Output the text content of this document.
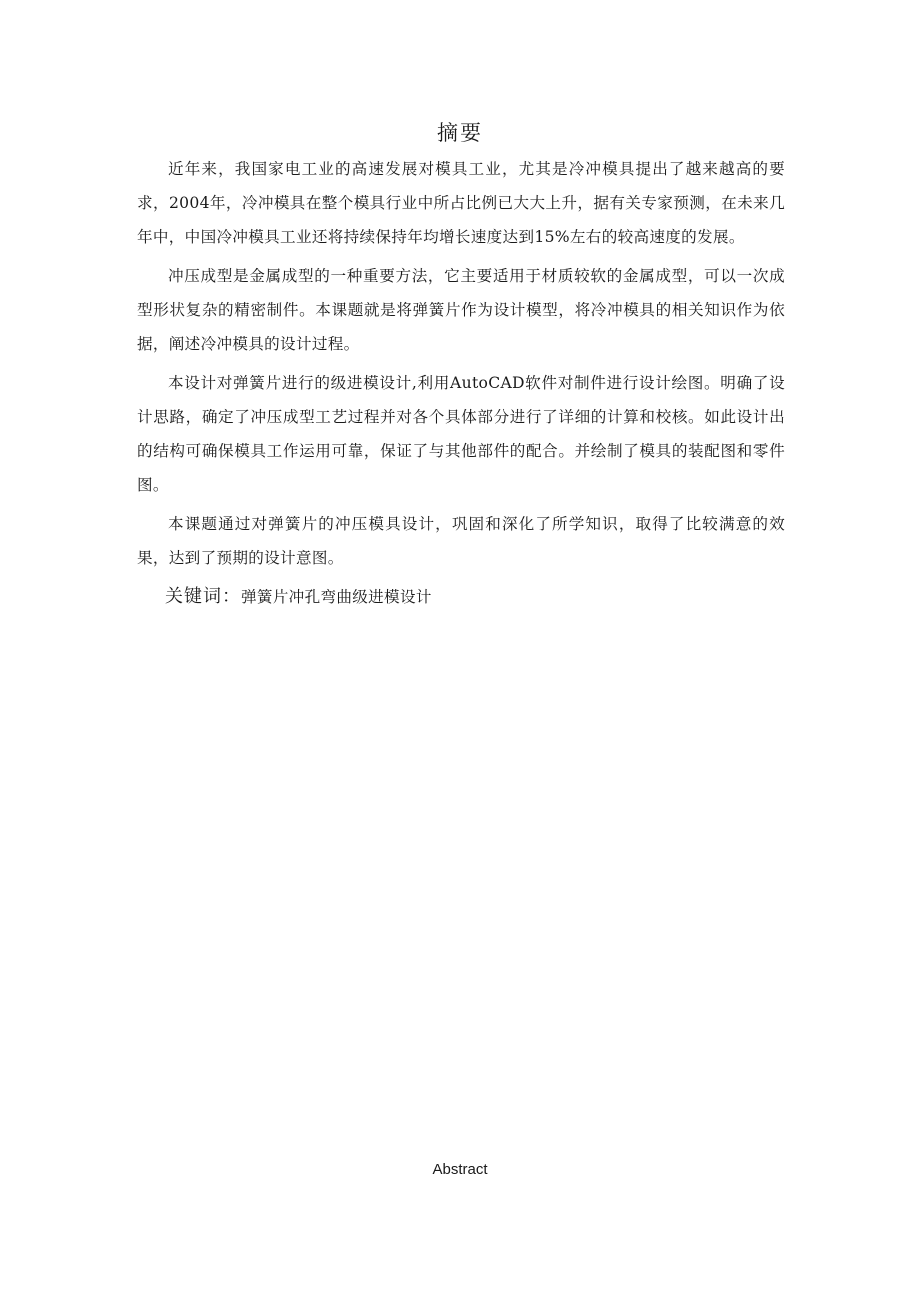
摘要

近年来，我国家电工业的高速发展对模具工业，尤其是冷冲模具提出了越来越高的要求，2004年，冷冲模具在整个模具行业中所占比例已大大上升，据有关专家预测，在未来几年中，中国冷冲模具工业还将持续保持年均增长速度达到15%左右的较高速度的发展。

冲压成型是金属成型的一种重要方法，它主要适用于材质较软的金属成型，可以一次成型形状复杂的精密制件。本课题就是将弹簧片作为设计模型，将冷冲模具的相关知识作为依据，阐述冷冲模具的设计过程。

本设计对弹簧片进行的级进模设计,利用AutoCAD软件对制件进行设计绘图。明确了设计思路，确定了冲压成型工艺过程并对各个具体部分进行了详细的计算和校核。如此设计出的结构可确保模具工作运用可靠，保证了与其他部件的配合。并绘制了模具的装配图和零件图。

本课题通过对弹簧片的冲压模具设计，巩固和深化了所学知识，取得了比较满意的效果，达到了预期的设计意图。

关键词：弹簧片冲孔弯曲级进模设计

Abstract
